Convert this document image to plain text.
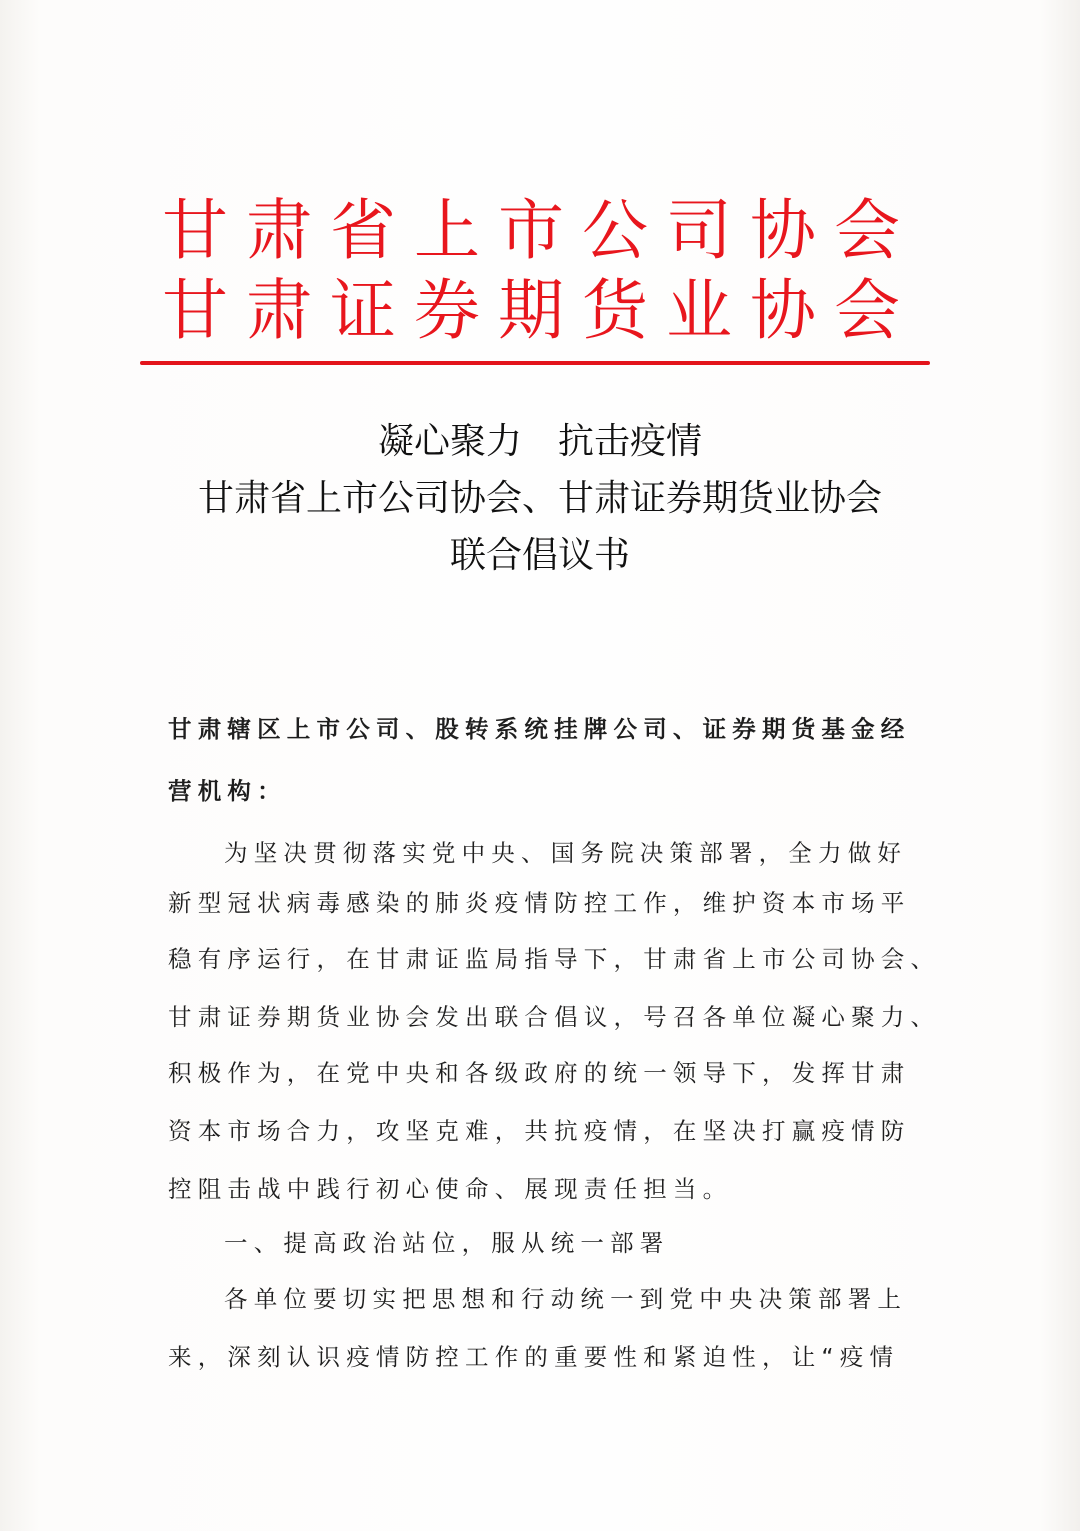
甘肃省上市公司协会
甘肃证券期货业协会
凝心聚力　抗击疫情
甘肃省上市公司协会、甘肃证券期货业协会
联合倡议书
甘肃辖区上市公司、股转系统挂牌公司、证券期货基金经
营机构：
为坚决贯彻落实党中央、国务院决策部署，全力做好
新型冠状病毒感染的肺炎疫情防控工作，维护资本市场平
稳有序运行，在甘肃证监局指导下，甘肃省上市公司协会、
甘肃证券期货业协会发出联合倡议，号召各单位凝心聚力、
积极作为，在党中央和各级政府的统一领导下，发挥甘肃
资本市场合力，攻坚克难，共抗疫情，在坚决打赢疫情防
控阻击战中践行初心使命、展现责任担当。
一、提高政治站位，服从统一部署
各单位要切实把思想和行动统一到党中央决策部署上
来，深刻认识疫情防控工作的重要性和紧迫性，让“疫情
